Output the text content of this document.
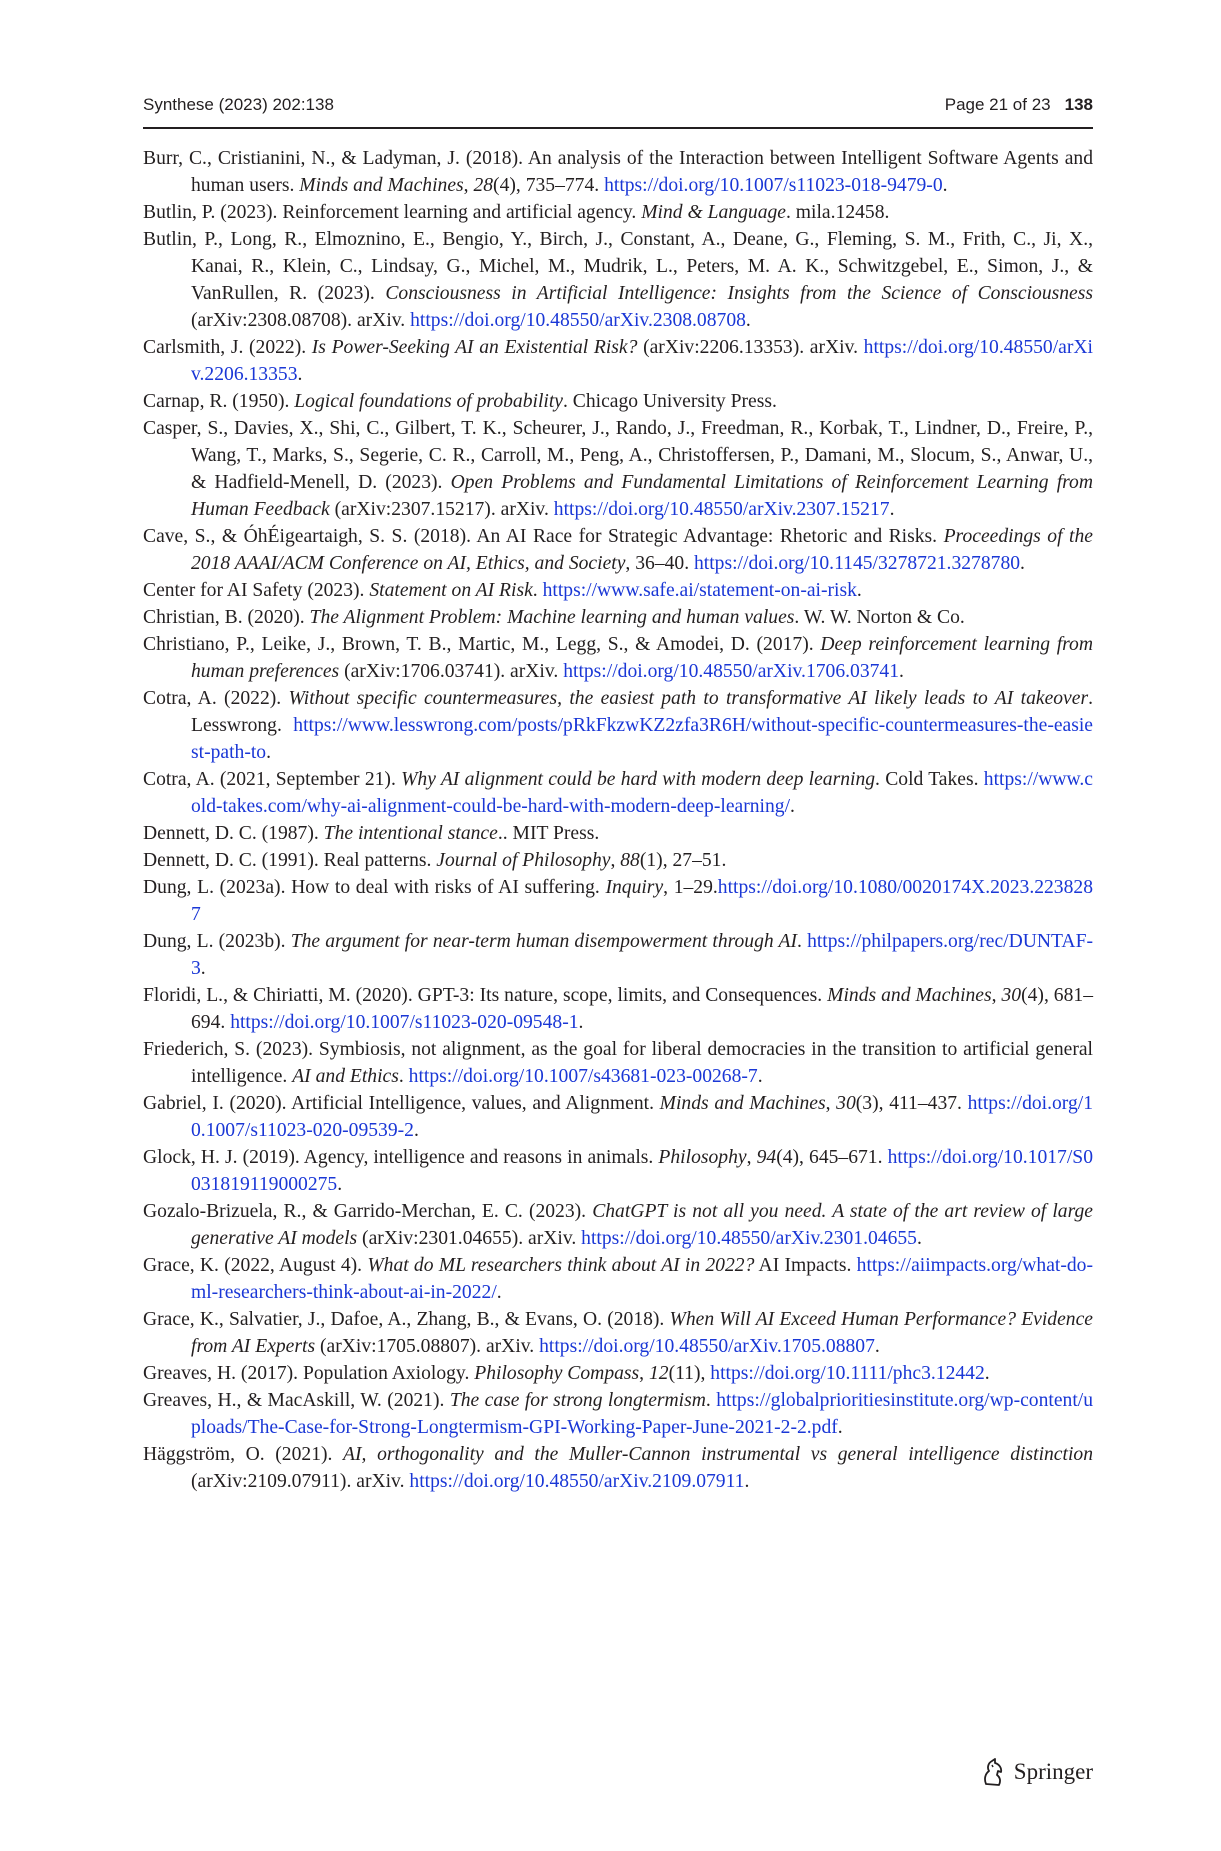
Synthese (2023) 202:138	Page 21 of 23 138
Burr, C., Cristianini, N., & Ladyman, J. (2018). An analysis of the Interaction between Intelligent Software Agents and human users. Minds and Machines, 28(4), 735–774. https://doi.org/10.1007/s11023-018-9479-0.
Butlin, P. (2023). Reinforcement learning and artificial agency. Mind & Language. mila.12458.
Butlin, P., Long, R., Elmoznino, E., Bengio, Y., Birch, J., Constant, A., Deane, G., Fleming, S. M., Frith, C., Ji, X., Kanai, R., Klein, C., Lindsay, G., Michel, M., Mudrik, L., Peters, M. A. K., Schwitzgebel, E., Simon, J., & VanRullen, R. (2023). Consciousness in Artificial Intelligence: Insights from the Science of Consciousness (arXiv:2308.08708). arXiv. https://doi.org/10.48550/arXiv.2308.08708.
Carlsmith, J. (2022). Is Power-Seeking AI an Existential Risk? (arXiv:2206.13353). arXiv. https://doi.org/10.48550/arXiv.2206.13353.
Carnap, R. (1950). Logical foundations of probability. Chicago University Press.
Casper, S., Davies, X., Shi, C., Gilbert, T. K., Scheurer, J., Rando, J., Freedman, R., Korbak, T., Lindner, D., Freire, P., Wang, T., Marks, S., Segerie, C. R., Carroll, M., Peng, A., Christoffersen, P., Damani, M., Slocum, S., Anwar, U., & Hadfield-Menell, D. (2023). Open Problems and Fundamental Limitations of Reinforcement Learning from Human Feedback (arXiv:2307.15217). arXiv. https://doi.org/10.48550/arXiv.2307.15217.
Cave, S., & ÓhÉigeartaigh, S. S. (2018). An AI Race for Strategic Advantage: Rhetoric and Risks. Proceedings of the 2018 AAAI/ACM Conference on AI, Ethics, and Society, 36–40. https://doi.org/10.1145/3278721.3278780.
Center for AI Safety (2023). Statement on AI Risk. https://www.safe.ai/statement-on-ai-risk.
Christian, B. (2020). The Alignment Problem: Machine learning and human values. W. W. Norton & Co.
Christiano, P., Leike, J., Brown, T. B., Martic, M., Legg, S., & Amodei, D. (2017). Deep reinforcement learning from human preferences (arXiv:1706.03741). arXiv. https://doi.org/10.48550/arXiv.1706.03741.
Cotra, A. (2022). Without specific countermeasures, the easiest path to transformative AI likely leads to AI takeover. Lesswrong. https://www.lesswrong.com/posts/pRkFkzwKZ2zfa3R6H/without-specific-countermeasures-the-easiest-path-to.
Cotra, A. (2021, September 21). Why AI alignment could be hard with modern deep learning. Cold Takes. https://www.cold-takes.com/why-ai-alignment-could-be-hard-with-modern-deep-learning/.
Dennett, D. C. (1987). The intentional stance.. MIT Press.
Dennett, D. C. (1991). Real patterns. Journal of Philosophy, 88(1), 27–51.
Dung, L. (2023a). How to deal with risks of AI suffering. Inquiry, 1–29.https://doi.org/10.1080/0020174X.2023.2238287
Dung, L. (2023b). The argument for near-term human disempowerment through AI. https://philpapers.org/rec/DUNTAF-3.
Floridi, L., & Chiriatti, M. (2020). GPT-3: Its nature, scope, limits, and Consequences. Minds and Machines, 30(4), 681–694. https://doi.org/10.1007/s11023-020-09548-1.
Friederich, S. (2023). Symbiosis, not alignment, as the goal for liberal democracies in the transition to artificial general intelligence. AI and Ethics. https://doi.org/10.1007/s43681-023-00268-7.
Gabriel, I. (2020). Artificial Intelligence, values, and Alignment. Minds and Machines, 30(3), 411–437. https://doi.org/10.1007/s11023-020-09539-2.
Glock, H. J. (2019). Agency, intelligence and reasons in animals. Philosophy, 94(4), 645–671. https://doi.org/10.1017/S0031819119000275.
Gozalo-Brizuela, R., & Garrido-Merchan, E. C. (2023). ChatGPT is not all you need. A state of the art review of large generative AI models (arXiv:2301.04655). arXiv. https://doi.org/10.48550/arXiv.2301.04655.
Grace, K. (2022, August 4). What do ML researchers think about AI in 2022? AI Impacts. https://aiimpacts.org/what-do-ml-researchers-think-about-ai-in-2022/.
Grace, K., Salvatier, J., Dafoe, A., Zhang, B., & Evans, O. (2018). When Will AI Exceed Human Performance? Evidence from AI Experts (arXiv:1705.08807). arXiv. https://doi.org/10.48550/arXiv.1705.08807.
Greaves, H. (2017). Population Axiology. Philosophy Compass, 12(11), https://doi.org/10.1111/phc3.12442.
Greaves, H., & MacAskill, W. (2021). The case for strong longtermism. https://globalprioritiesinstitute.org/wp-content/uploads/The-Case-for-Strong-Longtermism-GPI-Working-Paper-June-2021-2-2.pdf.
Häggström, O. (2021). AI, orthogonality and the Muller-Cannon instrumental vs general intelligence distinction (arXiv:2109.07911). arXiv. https://doi.org/10.48550/arXiv.2109.07911.
Springer
